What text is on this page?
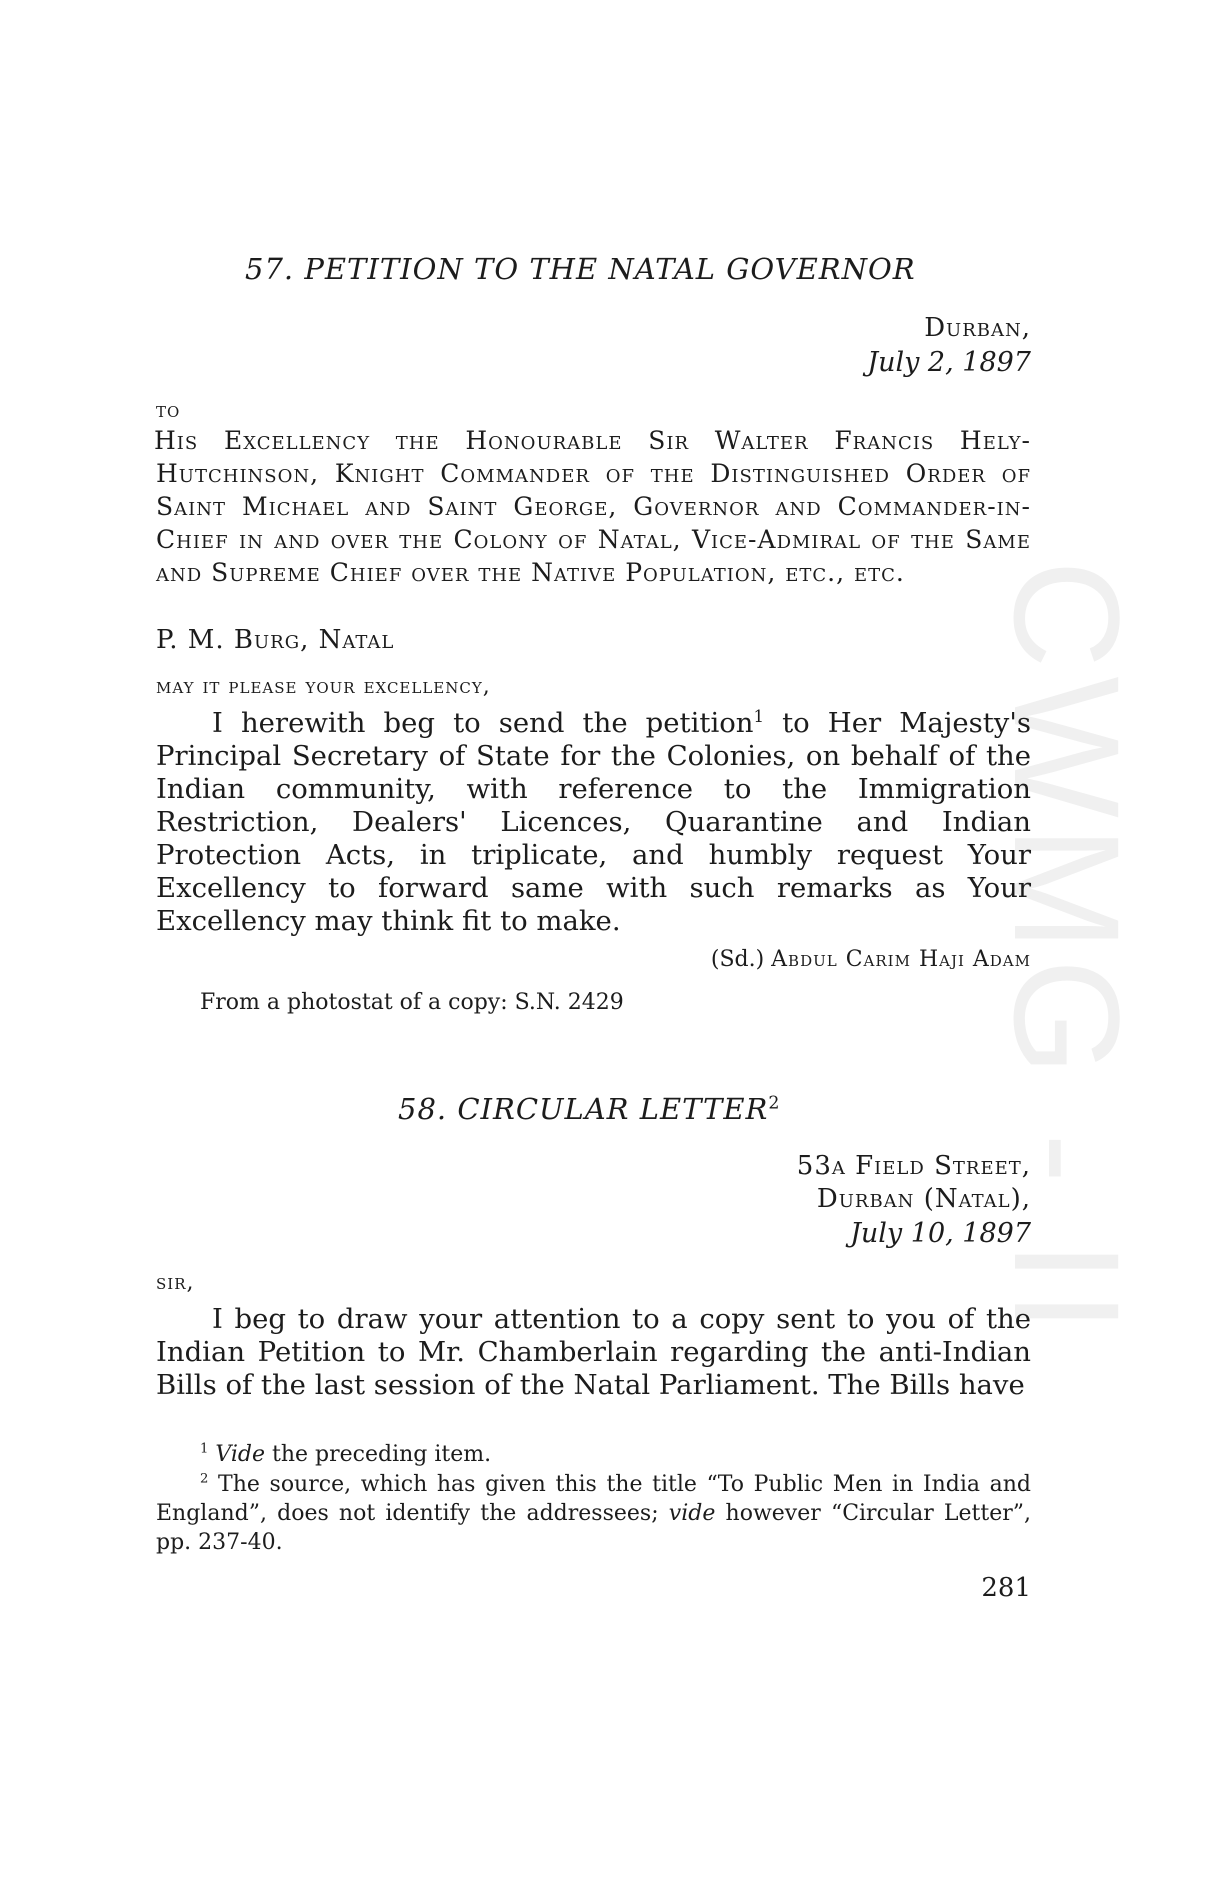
CWMG - II
57. PETITION TO THE NATAL GOVERNOR
Durban,
July 2, 1897
to
His Excellency the Honourable Sir Walter Francis Hely-Hutchinson, Knight Commander of the Distinguished Order of Saint Michael and Saint George, Governor and Commander-in-Chief in and over the Colony of Natal, Vice-Admiral of the Same and Supreme Chief over the Native Population, etc., etc.
P. M. Burg, Natal
may it please your excellency,
I herewith beg to send the petition$^1$ to Her Majesty's Principal Secretary of State for the Colonies, on behalf of the Indian community, with reference to the Immigration Restriction, Dealers' Licences, Quarantine and Indian Protection Acts, in triplicate, and humbly request Your Excellency to forward same with such remarks as Your Excellency may think fit to make.
(Sd.) Abdul Carim Haji Adam
From a photostat of a copy: S.N. 2429
58. CIRCULAR LETTER$^2$
53a Field Street,
Durban (Natal),
July 10, 1897
sir,
I beg to draw your attention to a copy sent to you of the Indian Petition to Mr. Chamberlain regarding the anti-Indian Bills of the last session of the Natal Parliament. The Bills have
$^1$ Vide the preceding item.
$^2$ The source, which has given this the title “To Public Men in India and England”, does not identify the addressees; vide however “Circular Letter”, pp. 237-40.
281
